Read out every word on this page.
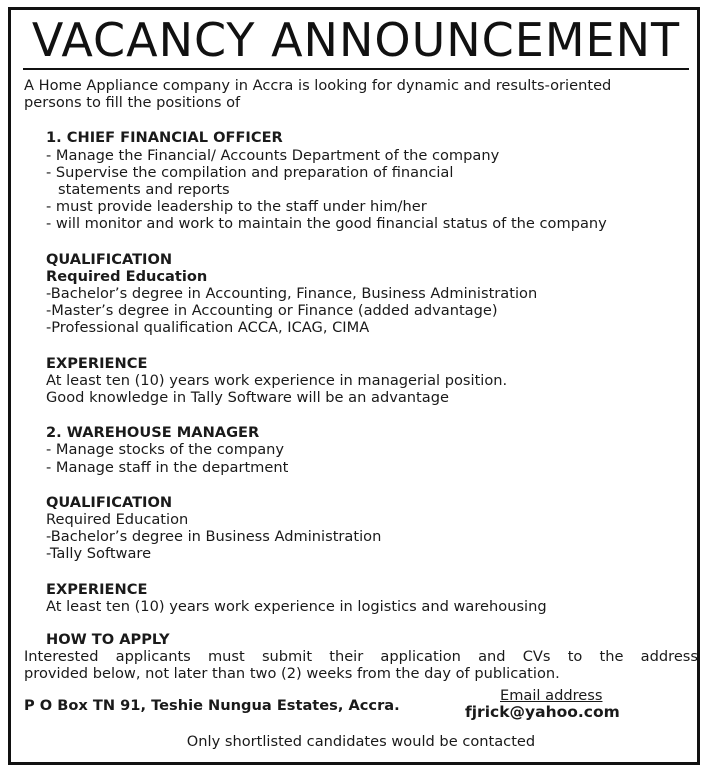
VACANCY ANNOUNCEMENT

A Home Appliance company in Accra is looking for dynamic and results-oriented

persons to fill the positions of

1. CHIEF FINANCIAL OFFICER

- Manage the Financial/ Accounts Department of the company

- Supervise the compilation and preparation of financial

statements and reports

- must provide leadership to the staff under him/her

- will monitor and work to maintain the good financial status of the company

QUALIFICATION

Required Education

-Bachelor’s degree in Accounting, Finance, Business Administration

-Master’s degree in Accounting or Finance (added advantage)

-Professional qualification ACCA, ICAG, CIMA

EXPERIENCE

At least ten (10) years work experience in managerial position.

Good knowledge in Tally Software will be an advantage

2. WAREHOUSE MANAGER

- Manage stocks of the company

- Manage staff in the department

QUALIFICATION

Required Education

-Bachelor’s degree in Business Administration

-Tally Software

EXPERIENCE

At least ten (10) years work experience in logistics and warehousing

HOW TO APPLY

Interested applicants must submit their application and CVs to the address

provided below, not later than two (2) weeks from the day of publication.

P O Box TN 91, Teshie Nungua Estates, Accra.
Email address
fjrick@yahoo.com

Only shortlisted candidates would be contacted
